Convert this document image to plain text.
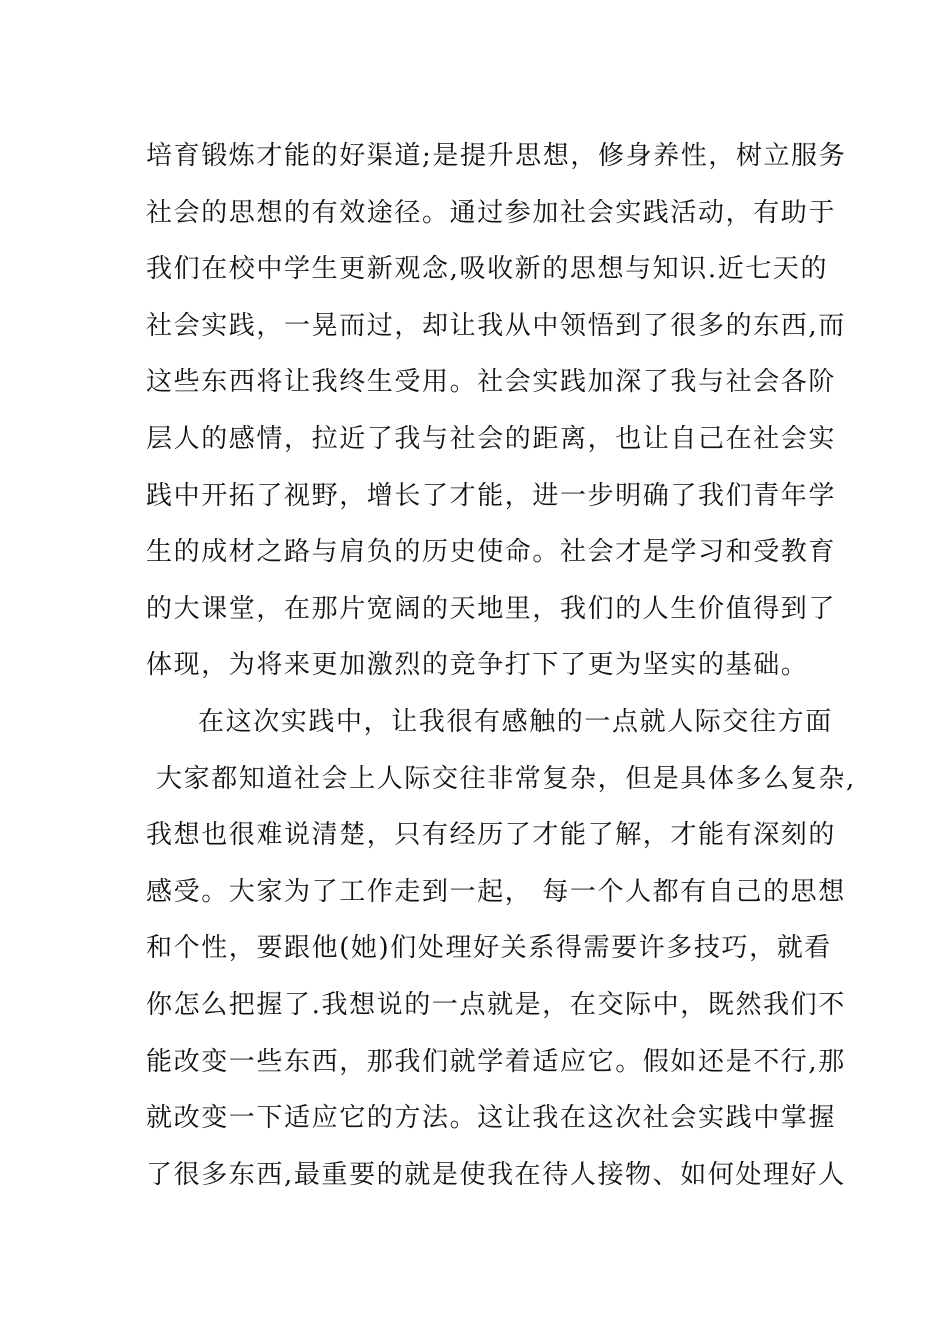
培育锻炼才能的好渠道;是提升思想，修身养性，树立服务
社会的思想的有效途径。通过参加社会实践活动，有助于
我们在校中学生更新观念,吸收新的思想与知识.近七天的
社会实践，一晃而过，却让我从中领悟到了很多的东西,而
这些东西将让我终生受用。社会实践加深了我与社会各阶
层人的感情，拉近了我与社会的距离，也让自己在社会实
践中开拓了视野，增长了才能，进一步明确了我们青年学
生的成材之路与肩负的历史使命。社会才是学习和受教育
的大课堂，在那片宽阔的天地里，我们的人生价值得到了
体现，为将来更加激烈的竞争打下了更为坚实的基础。
在这次实践中，让我很有感触的一点就人际交往方面
大家都知道社会上人际交往非常复杂，但是具体多么复杂,
我想也很难说清楚，只有经历了才能了解，才能有深刻的
感受。大家为了工作走到一起， 每一个人都有自己的思想
和个性，要跟他(她)们处理好关系得需要许多技巧，就看
你怎么把握了.我想说的一点就是，在交际中，既然我们不
能改变一些东西，那我们就学着适应它。假如还是不行,那
就改变一下适应它的方法。这让我在这次社会实践中掌握
了很多东西,最重要的就是使我在待人接物、如何处理好人
